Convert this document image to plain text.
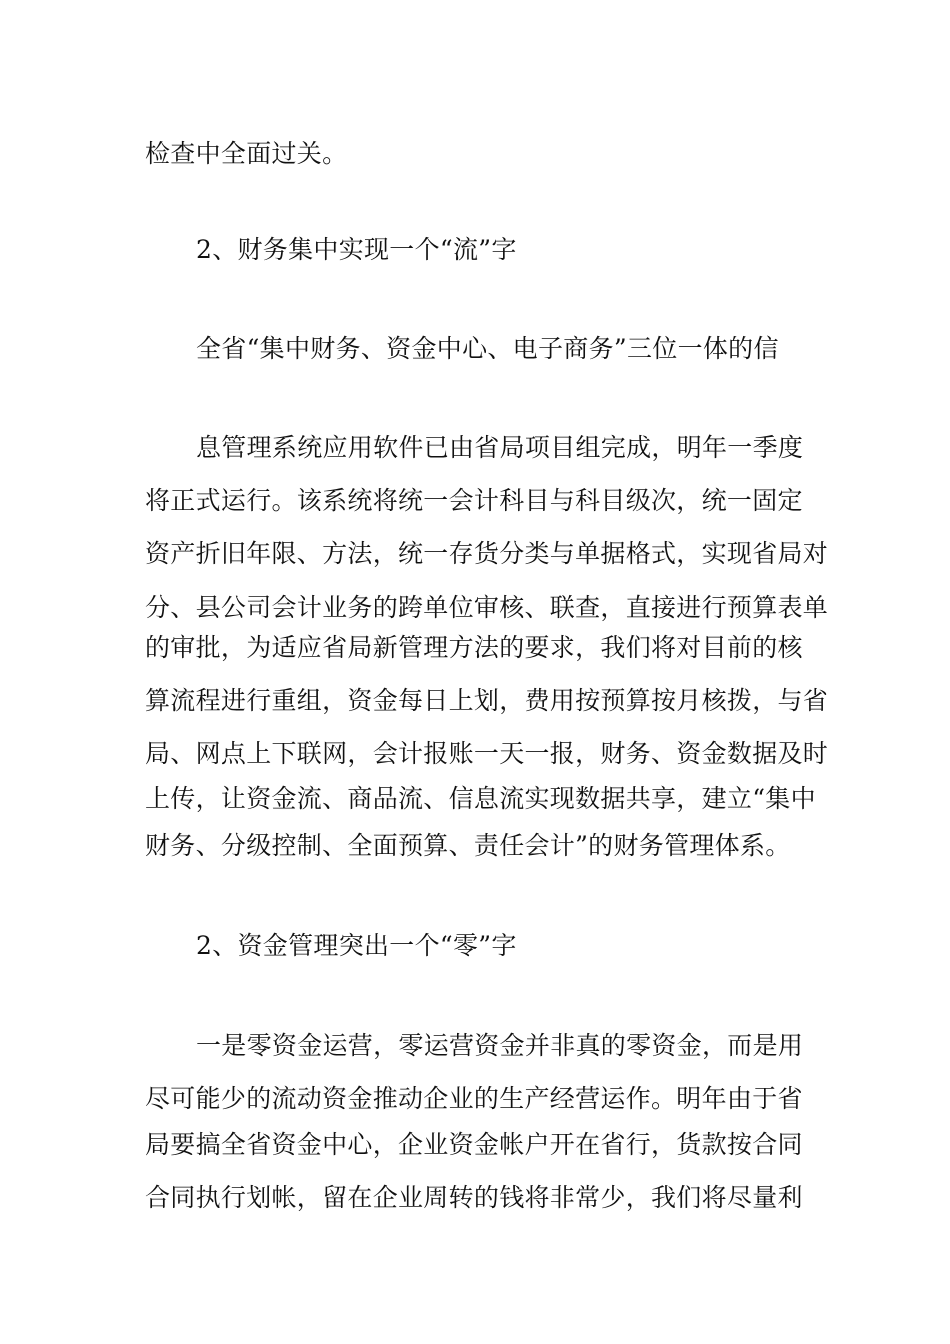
检查中全面过关。
2、财务集中实现一个“流”字
全省“集中财务、资金中心、电子商务”三位一体的信
息管理系统应用软件已由省局项目组完成，明年一季度
将正式运行。该系统将统一会计科目与科目级次，统一固定
资产折旧年限、方法，统一存货分类与单据格式，实现省局对
分、县公司会计业务的跨单位审核、联查，直接进行预算表单
的审批，为适应省局新管理方法的要求，我们将对目前的核
算流程进行重组，资金每日上划，费用按预算按月核拨，与省
局、网点上下联网，会计报账一天一报，财务、资金数据及时
上传，让资金流、商品流、信息流实现数据共享，建立“集中
财务、分级控制、全面预算、责任会计”的财务管理体系。
2、资金管理突出一个“零”字
一是零资金运营，零运营资金并非真的零资金，而是用
尽可能少的流动资金推动企业的生产经营运作。明年由于省
局要搞全省资金中心，企业资金帐户开在省行，货款按合同
合同执行划帐，留在企业周转的钱将非常少，我们将尽量利
